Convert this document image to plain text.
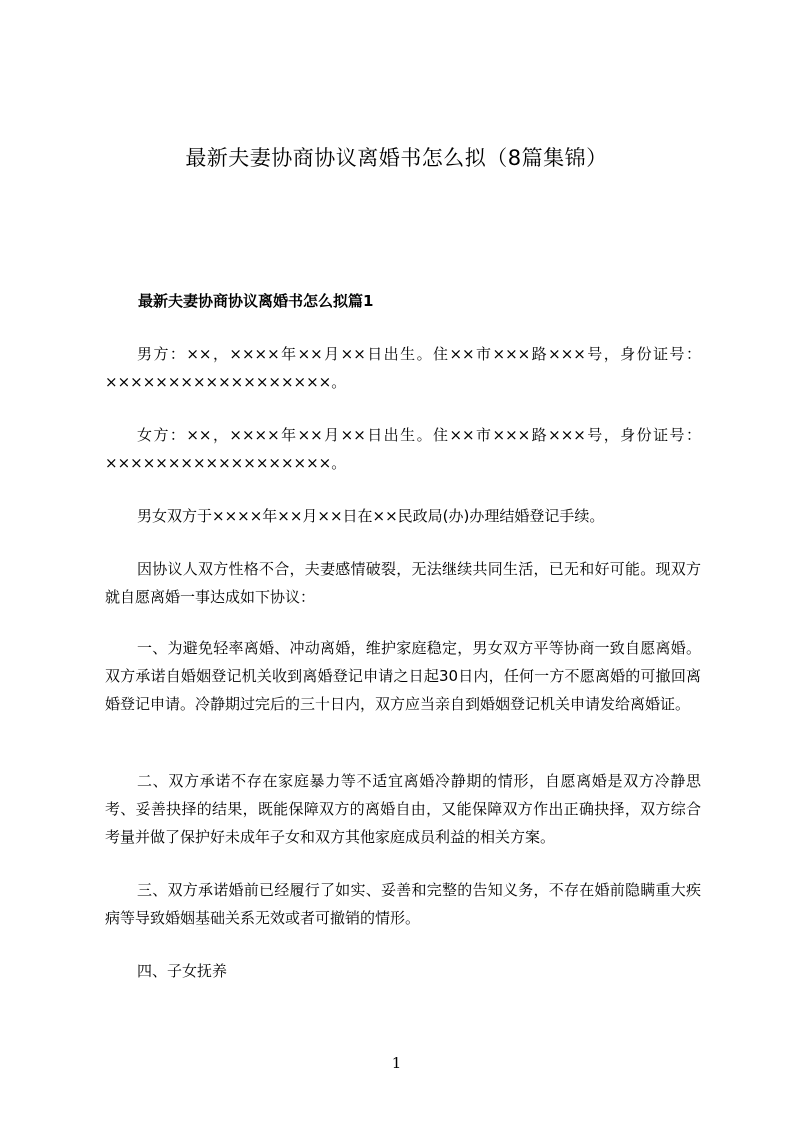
最新夫妻协商协议离婚书怎么拟（8篇集锦）
最新夫妻协商协议离婚书怎么拟篇1

男方：××，××××年××月××日出生。住××市×××路×××号，身份证号：××××××××××××××××××。

女方：××，××××年××月××日出生。住××市×××路×××号，身份证号：××××××××××××××××××。

男女双方于××××年××月××日在××民政局(办)办理结婚登记手续。

因协议人双方性格不合，夫妻感情破裂，无法继续共同生活，已无和好可能。现双方就自愿离婚一事达成如下协议：

一、为避免轻率离婚、冲动离婚，维护家庭稳定，男女双方平等协商一致自愿离婚。双方承诺自婚姻登记机关收到离婚登记申请之日起30日内，任何一方不愿离婚的可撤回离婚登记申请。冷静期过完后的三十日内，双方应当亲自到婚姻登记机关申请发给离婚证。

二、双方承诺不存在家庭暴力等不适宜离婚冷静期的情形，自愿离婚是双方冷静思考、妥善抉择的结果，既能保障双方的离婚自由，又能保障双方作出正确抉择，双方综合考量并做了保护好未成年子女和双方其他家庭成员利益的相关方案。

三、双方承诺婚前已经履行了如实、妥善和完整的告知义务，不存在婚前隐瞒重大疾病等导致婚姻基础关系无效或者可撤销的情形。

四、子女抚养

1
